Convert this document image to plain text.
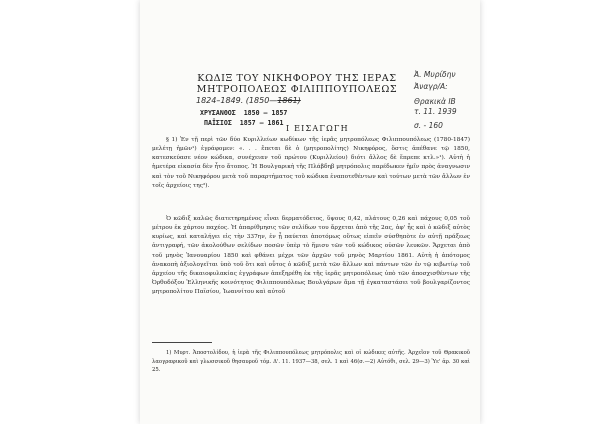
ΚΩΔΙΞ ΤΟΥ ΝΙΚΗΦΟΡΟΥ ΤΗΣ ΙΕΡΑΣ
ΜΗΤΡΟΠΟΛΕΩΣ ΦΙΛΙΠΠΟΥΠΟΛΕΩΣ
1824–1849. (1850—1861)
ΧΡΥΣΑΝΘΟΣ 1850 – 1857
ΠΑΪΣΙΟΣ 1857 – 1861
Ι ΕΙΣΑΓΩΓΗ

§ 1) Ἐν τῇ περὶ τῶν δύο Κυριλλείων κωδίκων τῆς ἱερᾶς μητροπόλεως Φιλιππουπόλεως (1780-1847) μελέτῃ ἡμῶν¹) ἐγράφομεν: «. . . ἕπεται δὲ ὁ (μητροπολίτης) Νικηφόρος, ὅστις ἀπέθανε τῷ 1850, κατεσκεύασε νέον κώδικα, συνέχειαν τοῦ πρώτου (Κυριλλείου) διότι ἄλλος δὲ ἔπρεπε κτλ.»¹). Αὐτὴ ἡ ἡμετέρα εἰκασία δὲν ἦτο ἄτοπος. Ἡ Βουλγαρικὴ τῆς Πλάβδηβ μητρόπολις παρέδωκεν ἡμῖν πρὸς ἀναγνωσιν καὶ τὸν τοῦ Νικηφόρου μετὰ τοῦ παραρτήματος τοῦ κώδικα ἐναποτεθέντων καὶ τούτων μετὰ τῶν ἄλλων ἐν τοῖς ἀρχείοις της²).

Ὁ κῶδιξ καλῶς διατετηρημένος εἶναι δερματόδετος, ὕψους 0,42, πλάτους 0,26 καὶ πάχους 0,05 τοῦ μέτρου ἐκ χάρτου παχέος. Ἡ ἀπαρίθμησις τῶν σελίδων του ἄρχεται ἀπὸ τῆς 2ας, ἀφ' ἧς καὶ ὁ κῶδιξ αὐτὸς κυρίως, καὶ καταλήγει εἰς τὴν 337ην, ἐν ᾗ παύεται ἀποτόμως οὕτως εἰπεῖν σύσθηπὸτε ἐν αὐτῇ πράξεως ἀντιγραφή, τῶν ἀκολούθων σελίδων ποσῶν ὑπὲρ τὸ ἥμισυ τῶν τοῦ κώδικος οὐσῶν λευκῶν. Ἄρχεται ἀπὸ τοῦ μηνὸς Ἰανουαρίου 1850 καὶ φθάνει μέχρι τῶν ἀρχῶν τοῦ μηνὸς Μαρτίου 1861. Αὐτὴ ἡ ἀπότομος ἀνακοπὴ ἀξιολογεῖται ὑπὸ τοῦ ὅτι καὶ οὗτος ὁ κῶδιξ μετὰ τῶν ἄλλων καὶ πάντων τῶν ἐν τῷ κιβωτίῳ τοῦ ἀρχείου τῆς δικαιοφυλακίας ἐγγράφων ἀπεξηρέθη ἐκ τῆς ἱερᾶς μητροπόλεως ὑπὸ τῶν ἀποσχισθέντων τῆς Ὀρθοδόξου Ἑλληνικῆς κοινότητος Φιλιππουπόλεως Βουλγάρων ἅμα τῇ ἐγκαταστάσει τοῦ βουλγαρίζοντος μητροπολίτου Παϊσίου, Ἰωαννίτου καὶ αὐτοῦ

1) Μυρτ. Ἀποστολίδου, ἡ ἱερὰ τῆς Φιλιππουπόλεως μητρόπολις καὶ οἱ κώδικες αὐτῆς. Ἀρχεῖον τοῦ Θρακικοῦ λαογραφικοῦ καὶ γλωσσικοῦ θησαυροῦ τόμ. Δ'. 11. 1937—38, σελ. 1 καὶ 46(σ.—2) Αὐτόθι, σελ. 29—3) Ὑε' ἀρ. 30 καὶ 25.

Ἀ. Μυρίδην
Ἀναγρ/Α:
Θρακικὰ ΙΒ
τ. 11. 1939
σ. - 160
